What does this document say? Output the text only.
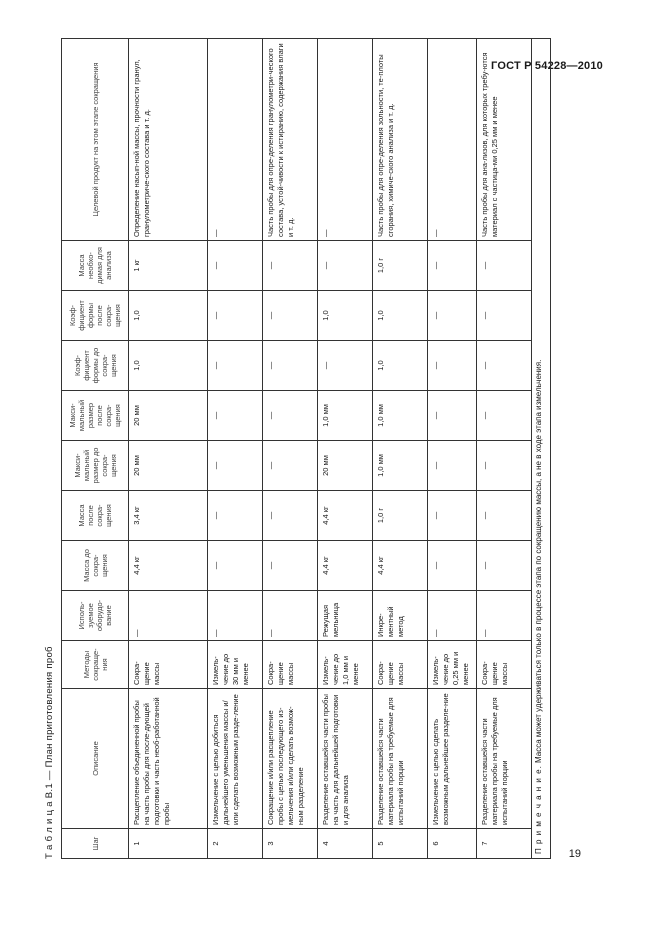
ГОСТ Р 54228—2010
Т а б л и ц а В.1 — План приготовления проб	Шаг	Описание	Методы сокраще-ния	Исполь-зуемое оборудо-вание	Масса до сокра-щения	Масса после сокра-щения	Макси-мальный размер до сокра-щения	Макси-мальный размер после сокра-щения	Коэф-фициент формы до сокра-щения	Коэф-фициент формы после сокра-щения	Масса необхо-димая для анализа	Целевой продукт на этом этапе сокращения
1	Расщепление объединенной пробы на часть пробы для после-дующей подготовки и часть необ-работанной пробы	Сокра-щение массы	—	4,4 кг	3,4 кг	20 мм	20 мм	1,0	1,0	1 кг	Определение насып-ной массы, прочности гранул, гранулометриче-ского состава и т. д.
2	Измельчение с целью добиться дальнейшего уменьшения массы и/или сделать возможным разде-ление	Измель-чение до 30 мм и менее	—	—	—	—	—	—	—	—	—
3	Сокращение и/или расщепление пробы с целью последующего из-мельчения и/или сделать возмож-ным разделение	Сокра-щение массы	—	—	—	—	—	—	—	—	Часть пробы для опре-деления гранулометри-ческого состава, устой-чивости к истиранию, содержания влаги и т. д.
4	Разделение оставшейся части пробы на часть для дальнейшей подготовки и для анализа	Измель-чение до 1,0 мм и менее	Режущая мельница	4,4 кг	4,4 кг	20 мм	1,0 мм	—	1,0	—	—
5	Разделение оставшейся части материала пробы на требуемые для испытаний порции	Сокра-щение массы	Инкре-ментный метод	4,4 кг	1,0 г	1,0 мм	1,0 мм	1,0	1,0	1,0 г	Часть пробы для опре-деления зольности, те-плоты сгорания, химиче-ского анализа и т. д.
6	Измельчение с целью сделать возможным дальнейшее разделе-ние	Измель-чение до 0,25 мм и менее	—	—	—	—	—	—	—	—	—
7	Разделение оставшейся части материала пробы на требуемые для испытаний порции	Сокра-щение массы	—	—	—	—	—	—	—	—	Часть пробы для ана-лизов, для которых требу-ются материал с частица-ми 0,25 мм и менее
П р и м е ч а н и е. Масса может удерживаться только в процессе этапа по сокращению массы, а не в ходе этапа измельчения.											
19
